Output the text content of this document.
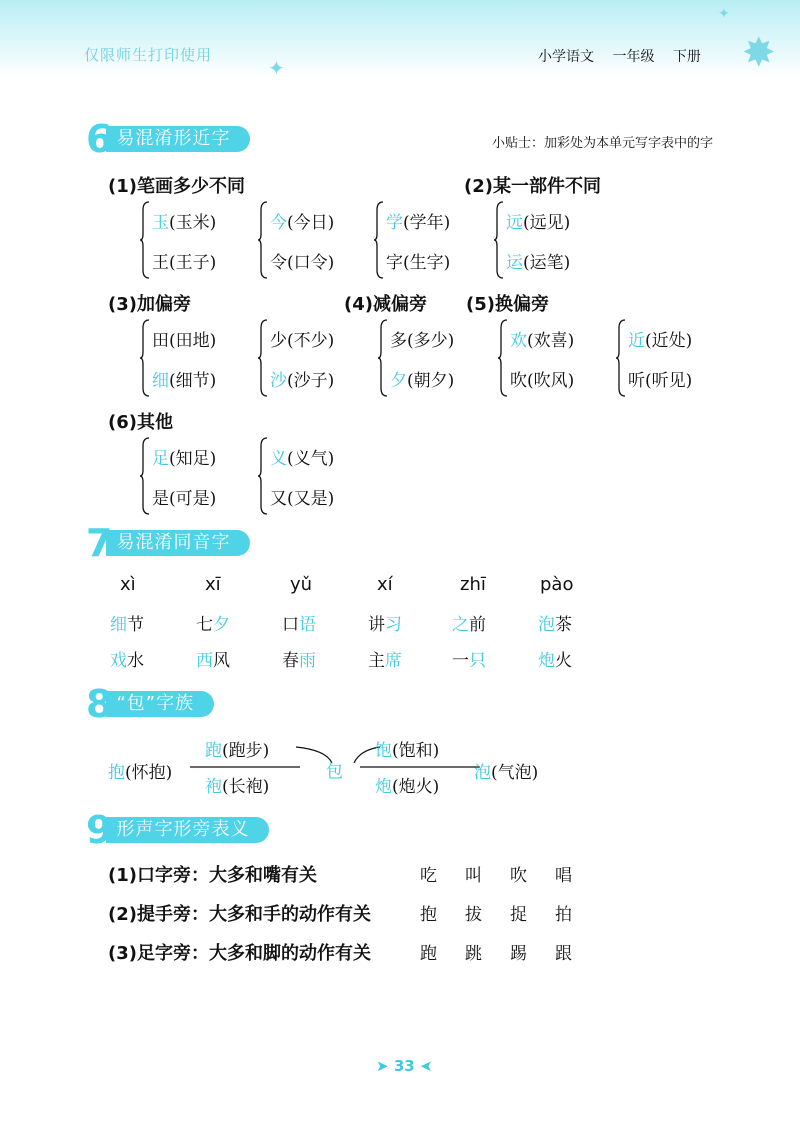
仅限师生打印使用
✦	✸
✦
小学语文 一年级 下册
6 易混淆形近字	小贴士：加彩处为本单元写字表中的字
(1)笔画多少不同	(2)某一部件不同
玉(玉米)
王(王子)
今(今日)
令(口令)
学(学年)
字(生字)
远(远见)
运(运笔)
(3)加偏旁	(4)减偏旁 (5)换偏旁
田(田地)
细(细节)
少(不少)
沙(沙子)
多(多少)
夕(朝夕)
欢(欢喜)
吹(吹风)
近(近处)
听(听见)
(6)其他
足(知足)
是(可是)
义(义气)
又(又是)
7 易混淆同音字
xì	xī	yǔ	xí	zhī	pào
细 节	七 夕	口 语	讲 习	之 前	泡 茶
戏 水	西 风	春 雨	主 席	一 只	炮 火
8 “包”字族
抱 (怀抱)
跑 (跑步)
袍 (长袍)
包
饱 (饱和)
炮 (炮火)
泡 (气泡)
9 形声字形旁表义
(1)口字旁：大多和嘴有关	吃	叫	吹	唱
(2)提手旁：大多和手的动作有关	抱	拔	捉	拍
(3)足字旁：大多和脚的动作有关	跑	跳	踢	跟
➤ 33 ➤
